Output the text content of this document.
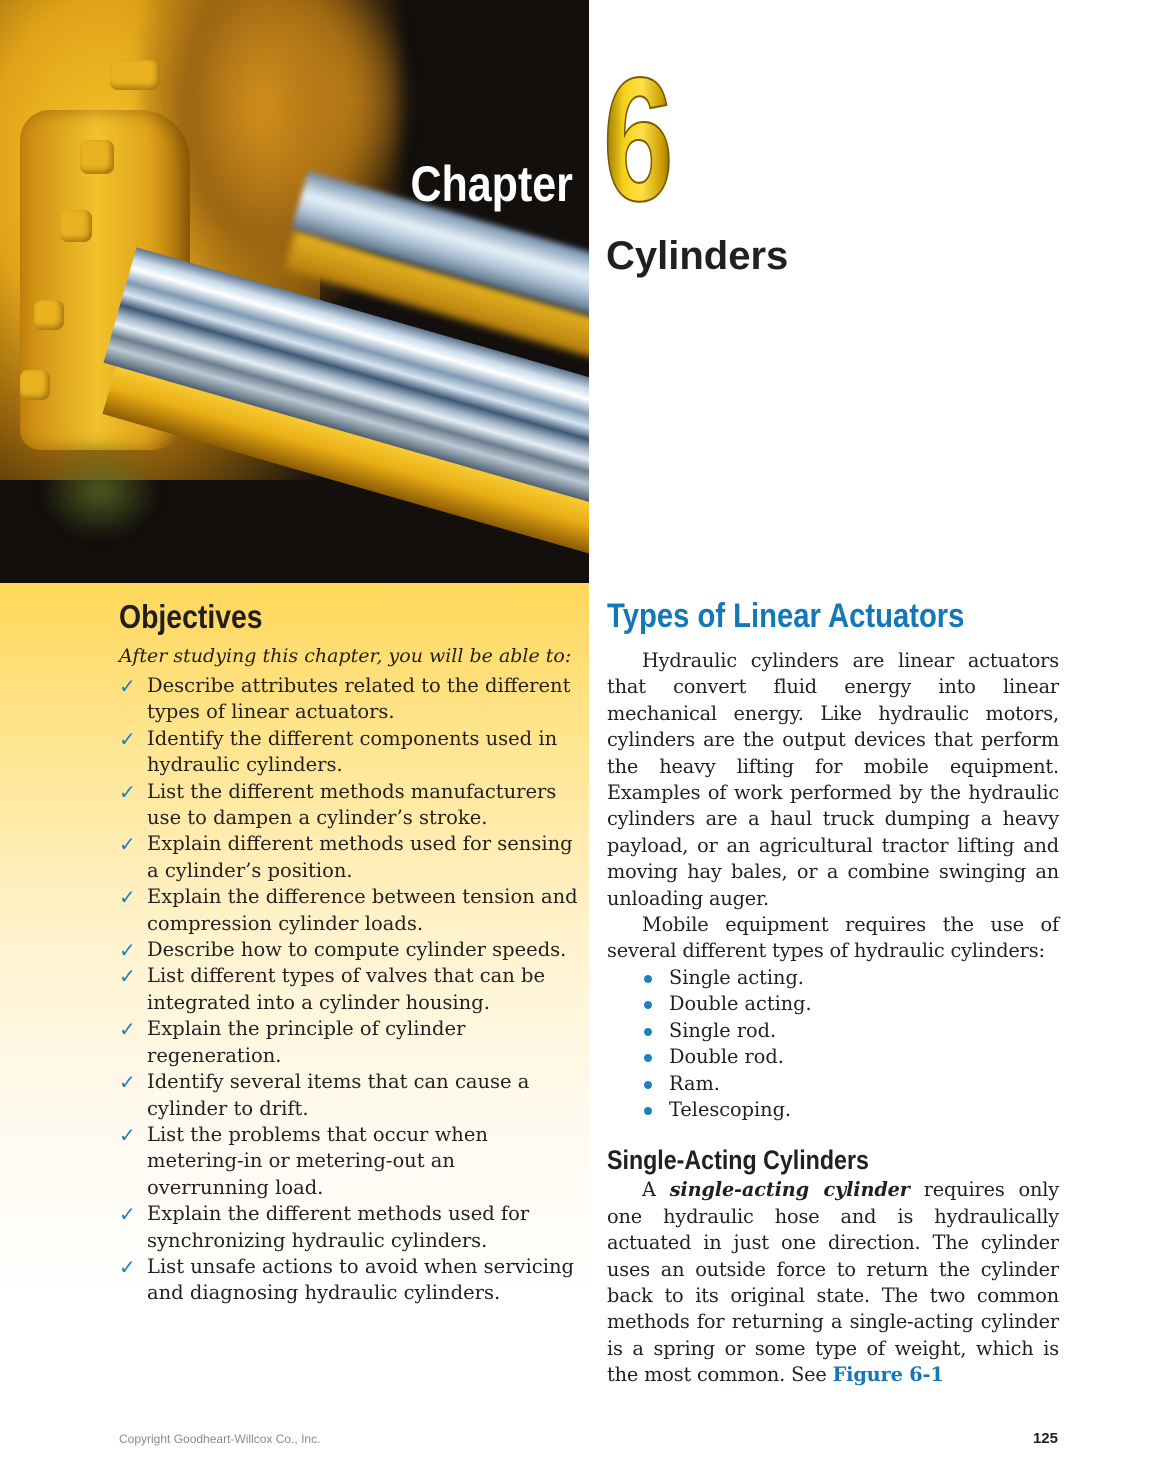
Chapter 6
Cylinders
Objectives

After studying this chapter, you will be able to:

✓ Describe attributes related to the different types of linear actuators.
✓ Identify the different components used in hydraulic cylinders.
✓ List the different methods manufacturers use to dampen a cylinder’s stroke.
✓ Explain different methods used for sensing a cylinder’s position.
✓ Explain the difference between tension and compression cylinder loads.
✓ Describe how to compute cylinder speeds.
✓ List different types of valves that can be integrated into a cylinder housing.
✓ Explain the principle of cylinder regeneration.
✓ Identify several items that can cause a cylinder to drift.
✓ List the problems that occur when metering-in or metering-out an overrunning load.
✓ Explain the different methods used for synchronizing hydraulic cylinders.
✓ List unsafe actions to avoid when servicing and diagnosing hydraulic cylinders.
Types of Linear Actuators

Hydraulic cylinders are linear actuators that convert fluid energy into linear mechanical energy. Like hydraulic motors, cylinders are the output devices that perform the heavy lifting for mobile equipment. Examples of work performed by the hydraulic cylinders are a haul truck dumping a heavy payload, or an agricultural tractor lifting and moving hay bales, or a combine swinging an unloading auger.

Mobile equipment requires the use of several different types of hydraulic cylinders:

Single acting.
Double acting.
Single rod.
Double rod.
Ram.
Telescoping.
Single-Acting Cylinders

A single-acting cylinder requires only one hydraulic hose and is hydraulically actuated in just one direction. The cylinder uses an outside force to return the cylinder back to its original state. The two common methods for returning a single-acting cylinder is a spring or some type of weight, which is the most common. See Figure 6-1

Copyright Goodheart-Willcox Co., Inc.	125
